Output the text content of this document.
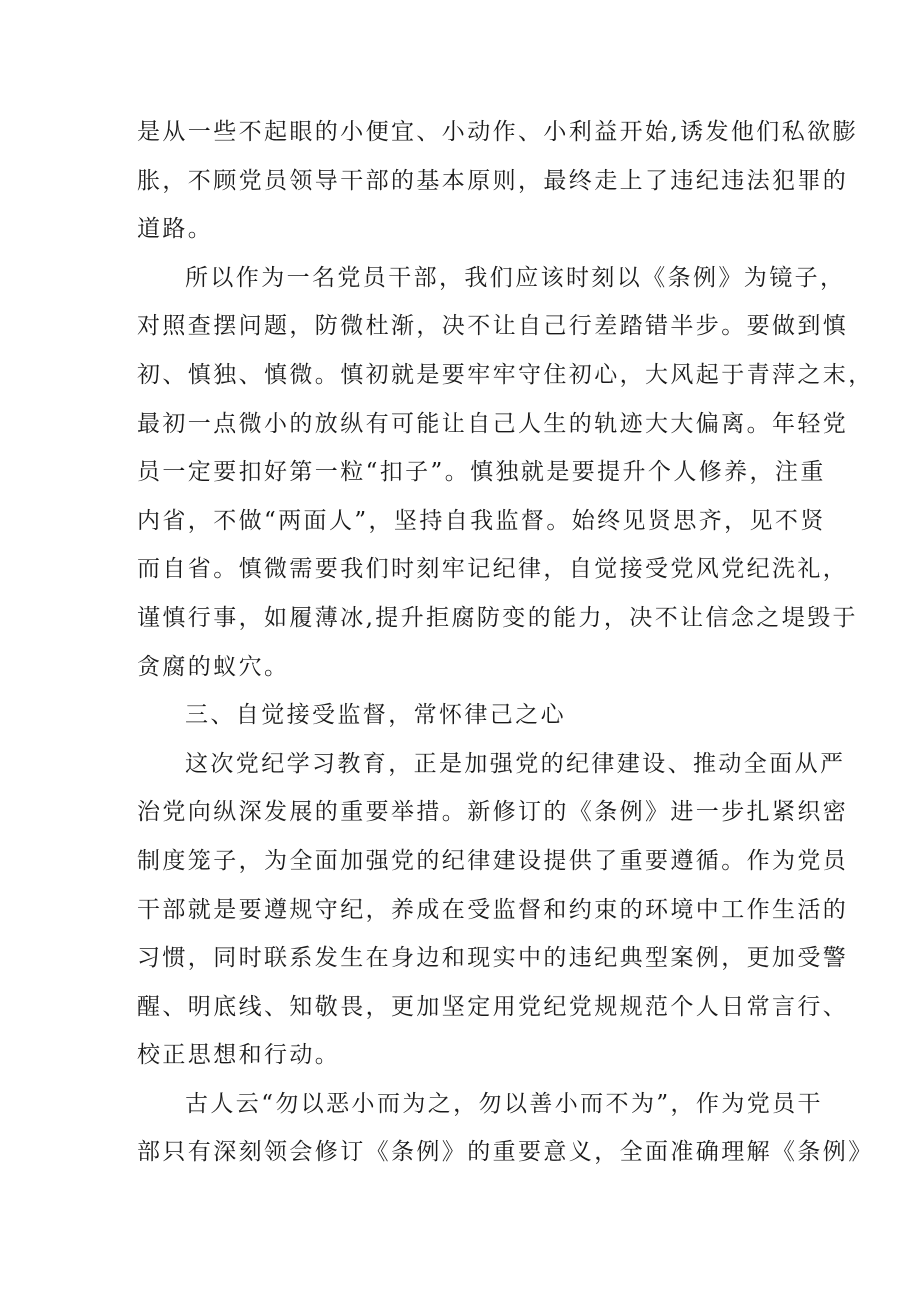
是从一些不起眼的小便宜、小动作、小利益开始,诱发他们私欲膨
胀，不顾党员领导干部的基本原则，最终走上了违纪违法犯罪的
道路。
所以作为一名党员干部，我们应该时刻以《条例》为镜子，
对照查摆问题，防微杜渐，决不让自己行差踏错半步。要做到慎
初、慎独、慎微。慎初就是要牢牢守住初心，大风起于青萍之末，
最初一点微小的放纵有可能让自己人生的轨迹大大偏离。年轻党
员一定要扣好第一粒“扣子”。慎独就是要提升个人修养，注重
内省，不做“两面人”，坚持自我监督。始终见贤思齐，见不贤
而自省。慎微需要我们时刻牢记纪律，自觉接受党风党纪洗礼，
谨慎行事，如履薄冰,提升拒腐防变的能力，决不让信念之堤毁于
贪腐的蚁穴。
三、自觉接受监督，常怀律己之心
这次党纪学习教育，正是加强党的纪律建设、推动全面从严
治党向纵深发展的重要举措。新修订的《条例》进一步扎紧织密
制度笼子，为全面加强党的纪律建设提供了重要遵循。作为党员
干部就是要遵规守纪，养成在受监督和约束的环境中工作生活的
习惯，同时联系发生在身边和现实中的违纪典型案例，更加受警
醒、明底线、知敬畏，更加坚定用党纪党规规范个人日常言行、
校正思想和行动。
古人云“勿以恶小而为之，勿以善小而不为”，作为党员干
部只有深刻领会修订《条例》的重要意义，全面准确理解《条例》
